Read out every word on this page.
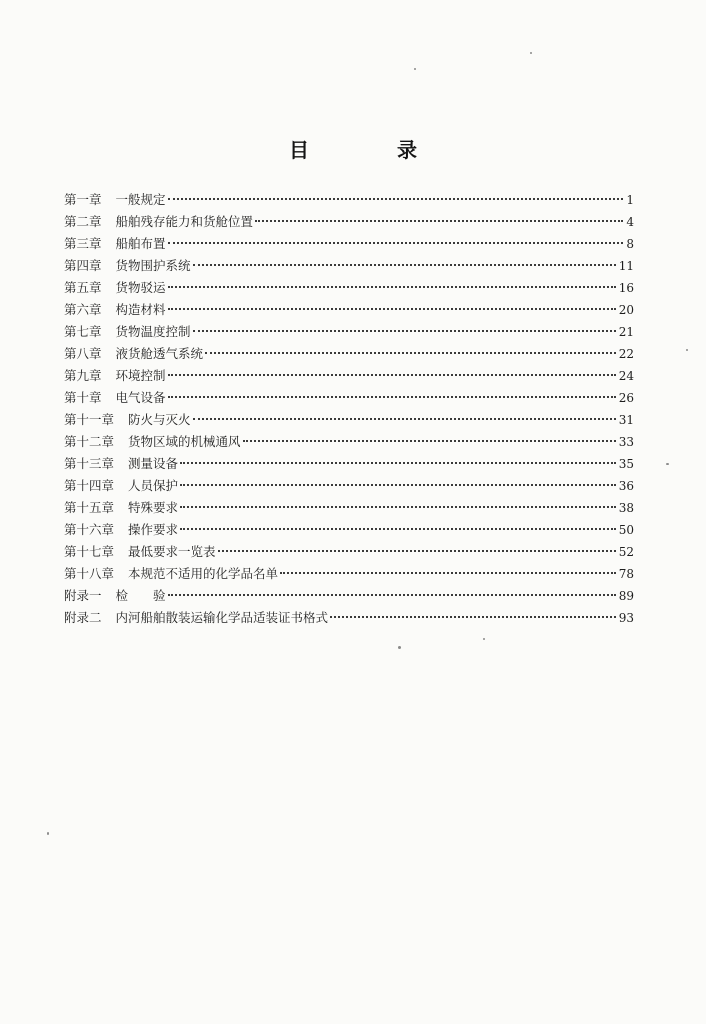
目　录
第一章 一般规定	1
第二章 船舶残存能力和货舱位置	4
第三章 船舶布置	8
第四章 货物围护系统	11
第五章 货物驳运	16
第六章 构造材料	20
第七章 货物温度控制	21
第八章 液货舱透气系统	22
第九章 环境控制	24
第十章 电气设备	26
第十一章 防火与灭火	31
第十二章 货物区域的机械通风	33
第十三章 测量设备	35
第十四章 人员保护	36
第十五章 特殊要求	38
第十六章 操作要求	50
第十七章 最低要求一览表	52
第十八章 本规范不适用的化学品名单	78
附录一 检　　验	89
附录二 内河船舶散装运输化学品适装证书格式	93
